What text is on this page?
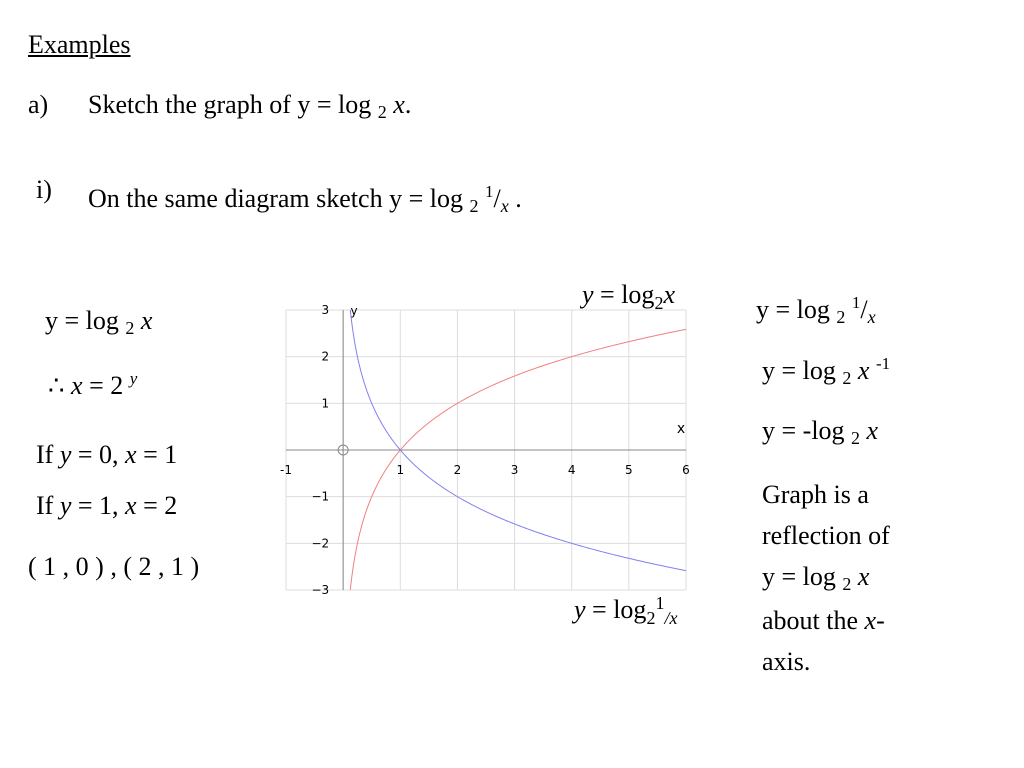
Examples
a) Sketch the graph of y = log 2 x.
i) On the same diagram sketch y = log 2 $^1$/x .
y = log 2 x
∴ x = 2 $^y$
If y = 0, x = 1
If y = 1, x = 2
( 1 , 0 ) , ( 2 , 1 )
-1	1	2	3	4	5	6
3
2
1
−1
−2
−3
x
y
$y = \log_2x$
$y = \log_2^1_{/x}$
y = log 2 $^1$/x
y = log 2 x $^{-1}$
y = -log 2 x
Graph is a
reflection of
y = log 2 x
about the x-
axis.
